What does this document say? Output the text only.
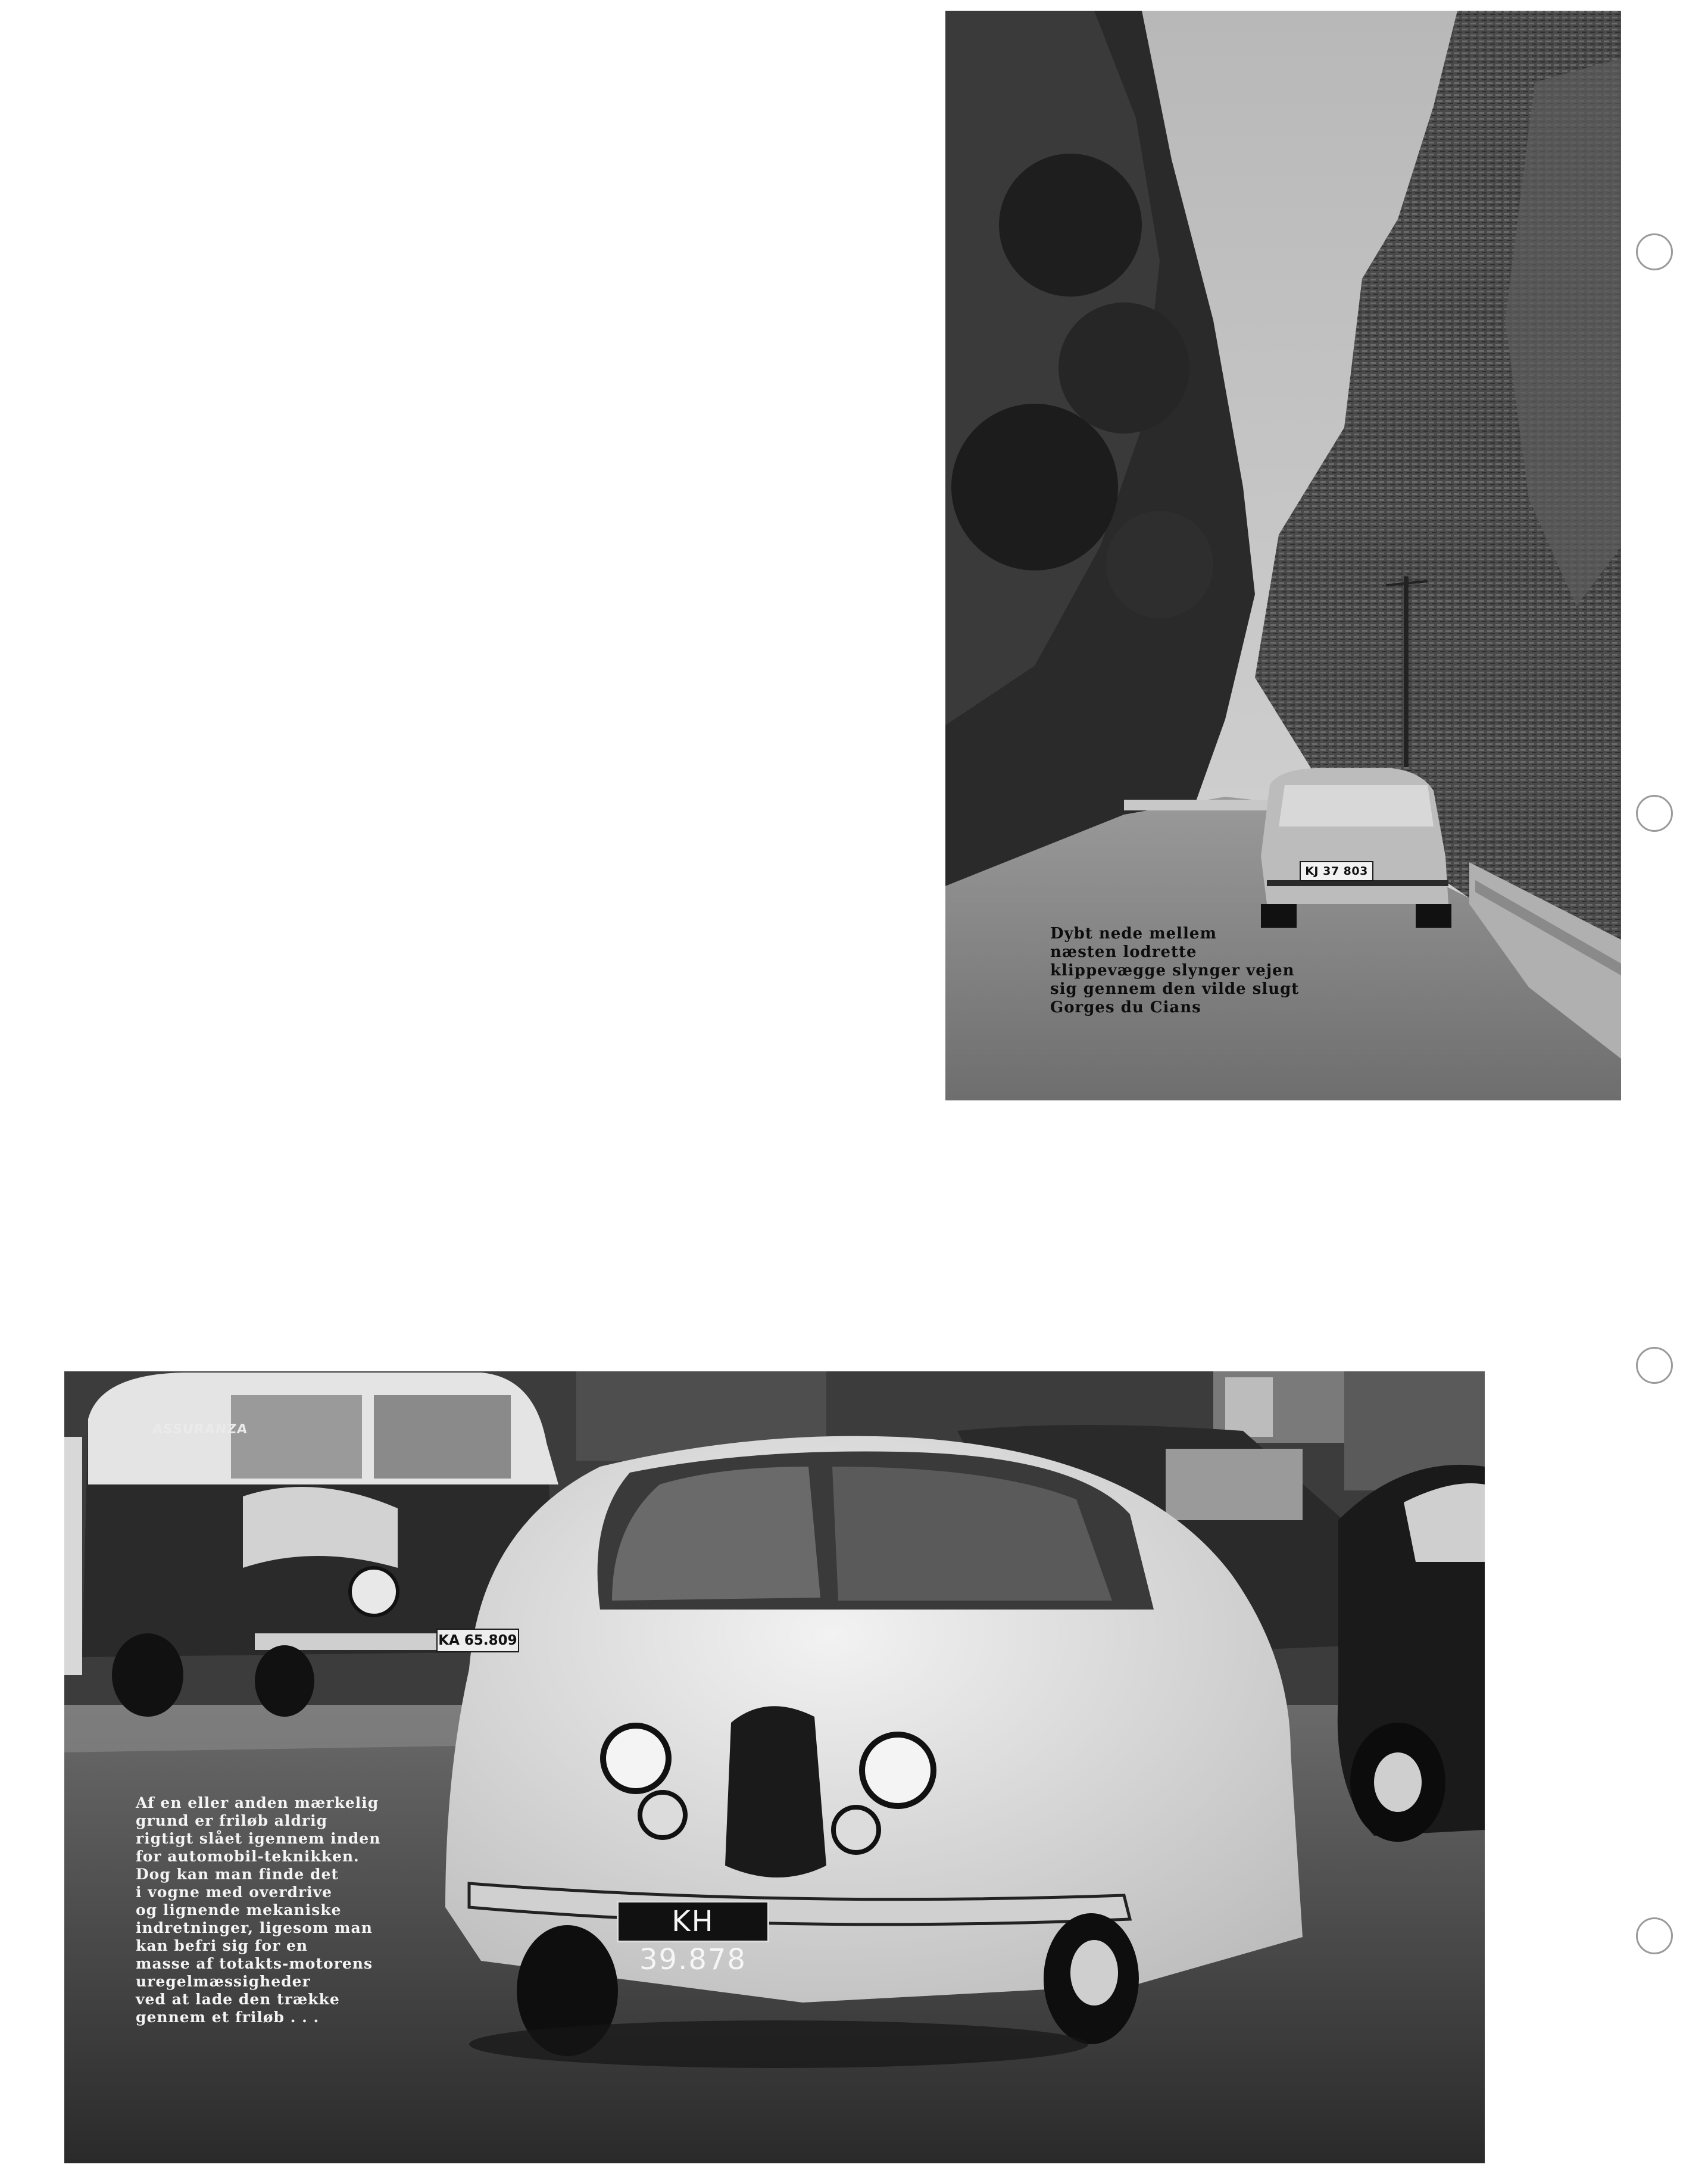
KJ 37 803

Dybt nede mellem
næsten lodrette
klippevægge slynger vejen
sig gennem den vilde slugt
Gorges du Cians

ASSURANZA
KA 65.809
KH 39.878

Af en eller anden mærkelig
grund er friløb aldrig
rigtigt slået igennem inden
for automobil-teknikken.
Dog kan man finde det
i vogne med overdrive
og lignende mekaniske
indretninger, ligesom man
kan befri sig for en
masse af totakts-motorens
uregelmæssigheder
ved at lade den trække
gennem et friløb . . .
